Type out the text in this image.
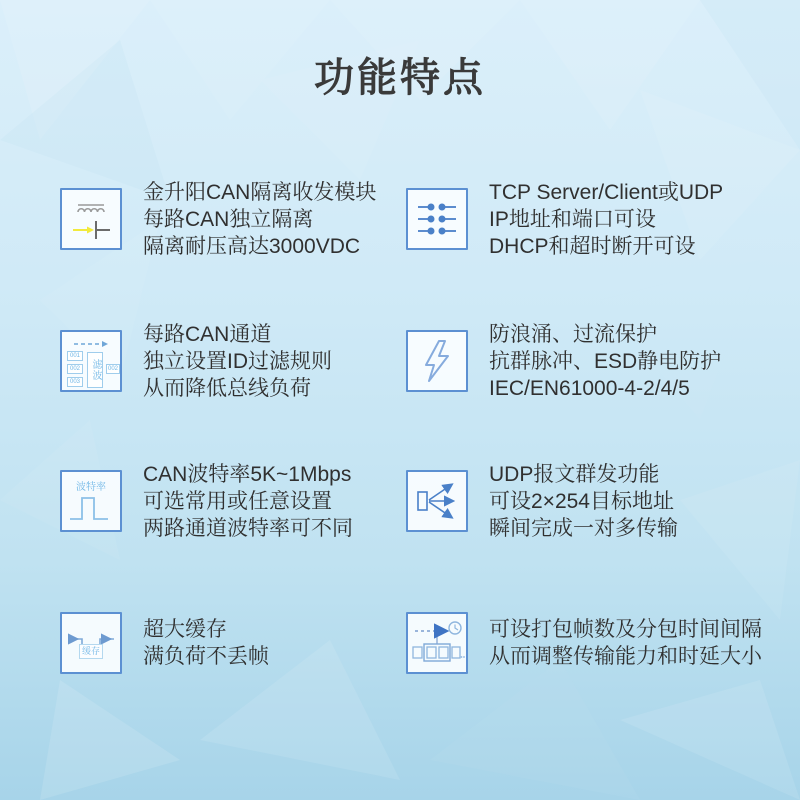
功能特点
金升阳CAN隔离收发模块
每路CAN独立隔离
隔离耐压高达3000VDC
TCP Server/Client或UDP
IP地址和端口可设
DHCP和超时断开可设
001
002
003
滤波	002
每路CAN通道
独立设置ID过滤规则
从而降低总线负荷
防浪涌、过流保护
抗群脉冲、ESD静电防护
IEC/EN61000-4-2/4/5
波特率
CAN波特率5K~1Mbps
可选常用或任意设置
两路通道波特率可不同
UDP报文群发功能
可设2×254目标地址
瞬间完成一对多传输
缓存
超大缓存
满负荷不丢帧
可设打包帧数及分包时间间隔
从而调整传输能力和时延大小
